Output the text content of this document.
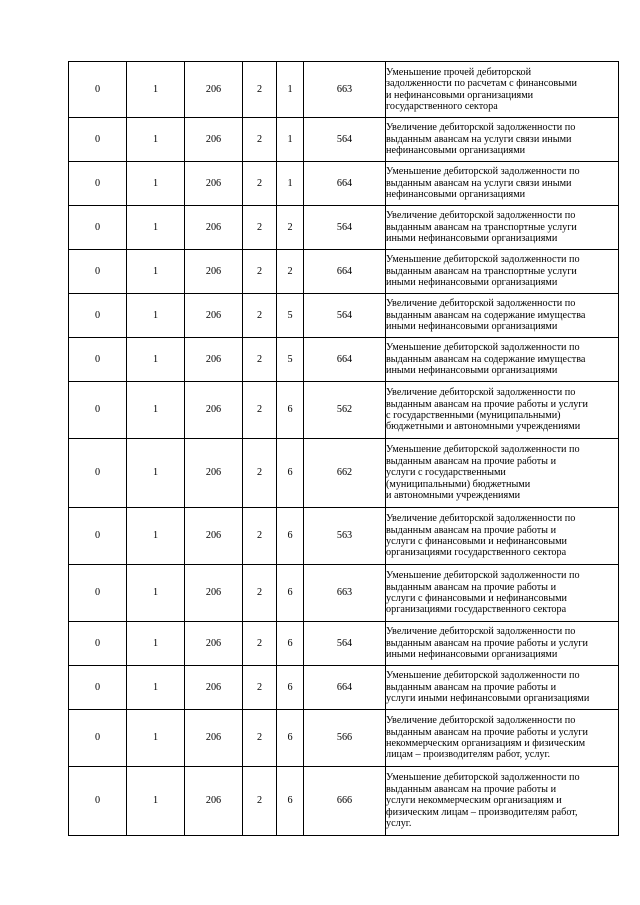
0	1	206	2	1	663	Уменьшение прочей дебиторской
задолженности по расчетам с финансовыми
и нефинансовыми организациями
государственного сектора

0	1	206	2	1	564	Увеличение дебиторской задолженности по
выданным авансам на услуги связи иными
нефинансовыми организациями

0	1	206	2	1	664	Уменьшение дебиторской задолженности по
выданным авансам на услуги связи иными
нефинансовыми организациями

0	1	206	2	2	564	Увеличение дебиторской задолженности по
выданным авансам на транспортные услуги
иными нефинансовыми организациями

0	1	206	2	2	664	Уменьшение дебиторской задолженности по
выданным авансам на транспортные услуги
иными нефинансовыми организациями

0	1	206	2	5	564	Увеличение дебиторской задолженности по
выданным авансам на содержание имущества
иными нефинансовыми организациями

0	1	206	2	5	664	Уменьшение дебиторской задолженности по
выданным авансам на содержание имущества
иными нефинансовыми организациями

0	1	206	2	6	562	Увеличение дебиторской задолженности по
выданным авансам на прочие работы и услуги
с государственными (муниципальными)
бюджетными и автономными учреждениями

0	1	206	2	6	662	Уменьшение дебиторской задолженности по
выданным авансам на прочие работы и
услуги с государственными
(муниципальными) бюджетными
и автономными учреждениями

0	1	206	2	6	563	Увеличение дебиторской задолженности по
выданным авансам на прочие работы и
услуги с финансовыми и нефинансовыми
организациями государственного сектора

0	1	206	2	6	663	Уменьшение дебиторской задолженности по
выданным авансам на прочие работы и
услуги с финансовыми и нефинансовыми
организациями государственного сектора

0	1	206	2	6	564	Увеличение дебиторской задолженности по
выданным авансам на прочие работы и услуги
иными нефинансовыми организациями

0	1	206	2	6	664	Уменьшение дебиторской задолженности по
выданным авансам на прочие работы и
услуги иными нефинансовыми организациями

0	1	206	2	6	566	Увеличение дебиторской задолженности по
выданным авансам на прочие работы и услуги
некоммерческим организациям и физическим
лицам – производителям работ, услуг.

0	1	206	2	6	666	Уменьшение дебиторской задолженности по
выданным авансам на прочие работы и
услуги некоммерческим организациям и
физическим лицам – производителям работ,
услуг.
